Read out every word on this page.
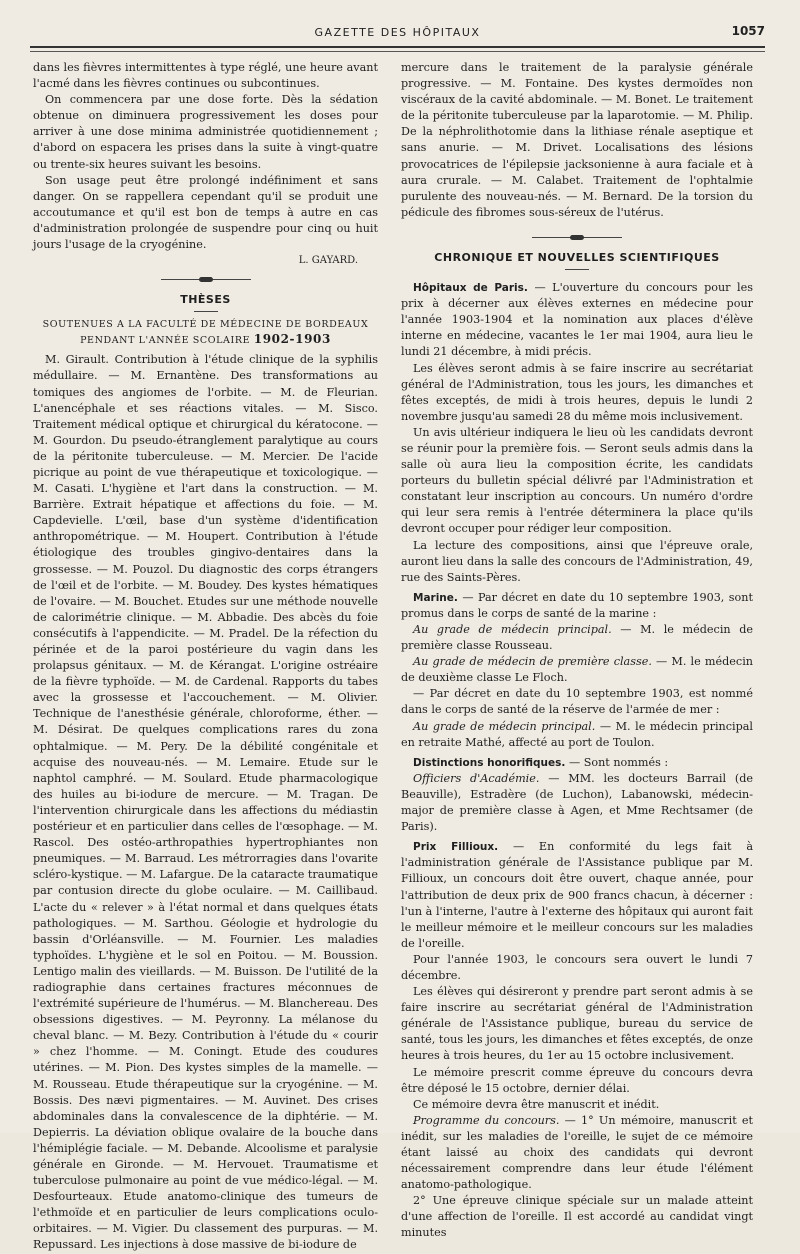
GAZETTE DES HÔPITAUX	1057

dans les fièvres intermittentes à type réglé, une heure avant l'acmé dans les fièvres continues ou subcontinues.

On commencera par une dose forte. Dès la sédation obtenue on diminuera progressivement les doses pour arriver à une dose minima administrée quotidiennement ; d'abord on espacera les prises dans la suite à vingt-quatre ou trente-six heures suivant les besoins.

Son usage peut être prolongé indéfiniment et sans danger. On se rappellera cependant qu'il se produit une accoutumance et qu'il est bon de temps à autre en cas d'administration prolongée de suspendre pour cinq ou huit jours l'usage de la cryogénine.

L. GAYARD.
THÈSES
SOUTENUES A LA FACULTÉ DE MÉDECINE DE BORDEAUX
PENDANT L'ANNÉE SCOLAIRE 1902-1903

M. Girault. Contribution à l'étude clinique de la syphilis médullaire. — M. Ernantène. Des transformations au tomiques des angiomes de l'orbite. — M. de Fleurian. L'anencéphale et ses réactions vitales. — M. Sisco. Traitement médical optique et chirurgical du kératocone. — M. Gourdon. Du pseudo-étranglement paralytique au cours de la péritonite tuberculeuse. — M. Mercier. De l'acide picrique au point de vue thérapeutique et toxicologique. — M. Casati. L'hygiène et l'art dans la construction. — M. Barrière. Extrait hépatique et affections du foie. — M. Capdevielle. L'œil, base d'un système d'identification anthropométrique. — M. Houpert. Contribution à l'étude étiologique des troubles gingivo-dentaires dans la grossesse. — M. Pouzol. Du diagnostic des corps étrangers de l'œil et de l'orbite. — M. Boudey. Des kystes hématiques de l'ovaire. — M. Bouchet. Etudes sur une méthode nouvelle de calorimétrie clinique. — M. Abbadie. Des abcès du foie consécutifs à l'appendicite. — M. Pradel. De la réfection du périnée et de la paroi postérieure du vagin dans les prolapsus génitaux. — M. de Kérangat. L'origine ostréaire de la fièvre typhoïde. — M. de Cardenal. Rapports du tabes avec la grossesse et l'accouchement. — M. Olivier. Technique de l'anesthésie générale, chloroforme, éther. — M. Désirat. De quelques complications rares du zona ophtalmique. — M. Pery. De la débilité congénitale et acquise des nouveau-nés. — M. Lemaire. Etude sur le naphtol camphré. — M. Soulard. Etude pharmacologique des huiles au bi-iodure de mercure. — M. Tragan. De l'intervention chirurgicale dans les affections du médiastin postérieur et en particulier dans celles de l'œsophage. — M. Rascol. Des ostéo-arthropathies hypertrophiantes non pneumiques. — M. Barraud. Les métrorragies dans l'ovarite scléro-kystique. — M. Lafargue. De la cataracte traumatique par contusion directe du globe oculaire. — M. Caillibaud. L'acte du « relever » à l'état normal et dans quelques états pathologiques. — M. Sarthou. Géologie et hydrologie du bassin d'Orléansville. — M. Fournier. Les maladies typhoïdes. L'hygiène et le sol en Poitou. — M. Boussion. Lentigo malin des vieillards. — M. Buisson. De l'utilité de la radiographie dans certaines fractures méconnues de l'extrémité supérieure de l'humérus. — M. Blanchereau. Des obsessions digestives. — M. Peyronny. La mélanose du cheval blanc. — M. Bezy. Contribution à l'étude du « courir » chez l'homme. — M. Coningt. Etude des coudures utérines. — M. Pion. Des kystes simples de la mamelle. — M. Rousseau. Etude thérapeutique sur la cryogénine. — M. Bossis. Des nævi pigmentaires. — M. Auvinet. Des crises abdominales dans la convalescence de la diphtérie. — M. Depierris. La déviation oblique ovalaire de la bouche dans l'hémiplégie faciale. — M. Debande. Alcoolisme et paralysie générale en Gironde. — M. Hervouet. Traumatisme et tuberculose pulmonaire au point de vue médico-légal. — M. Desfourteaux. Etude anatomo-clinique des tumeurs de l'ethmoïde et en particulier de leurs complications oculo-orbitaires. — M. Vigier. Du classement des purpuras. — M. Repussard. Les injections à dose massive de bi-iodure de

mercure dans le traitement de la paralysie générale progressive. — M. Fontaine. Des kystes dermoïdes non viscéraux de la cavité abdominale. — M. Bonet. Le traitement de la péritonite tuberculeuse par la laparotomie. — M. Philip. De la néphrolithotomie dans la lithiase rénale aseptique et sans anurie. — M. Drivet. Localisations des lésions provocatrices de l'épilepsie jacksonienne à aura faciale et à aura crurale. — M. Calabet. Traitement de l'ophtalmie purulente des nouveau-nés. — M. Bernard. De la torsion du pédicule des fibromes sous-séreux de l'utérus.

CHRONIQUE ET NOUVELLES SCIENTIFIQUES

Hôpitaux de Paris. — L'ouverture du concours pour les prix à décerner aux élèves externes en médecine pour l'année 1903-1904 et la nomination aux places d'élève interne en médecine, vacantes le 1er mai 1904, aura lieu le lundi 21 décembre, à midi précis.

Les élèves seront admis à se faire inscrire au secrétariat général de l'Administration, tous les jours, les dimanches et fêtes exceptés, de midi à trois heures, depuis le lundi 2 novembre jusqu'au samedi 28 du même mois inclusivement.

Un avis ultérieur indiquera le lieu où les candidats devront se réunir pour la première fois. — Seront seuls admis dans la salle où aura lieu la composition écrite, les candidats porteurs du bulletin spécial délivré par l'Administration et constatant leur inscription au concours. Un numéro d'ordre qui leur sera remis à l'entrée déterminera la place qu'ils devront occuper pour rédiger leur composition.

La lecture des compositions, ainsi que l'épreuve orale, auront lieu dans la salle des concours de l'Administration, 49, rue des Saints-Pères.

Marine. — Par décret en date du 10 septembre 1903, sont promus dans le corps de santé de la marine :

Au grade de médecin principal. — M. le médecin de première classe Rousseau.

Au grade de médecin de première classe. — M. le médecin de deuxième classe Le Floch.

— Par décret en date du 10 septembre 1903, est nommé dans le corps de santé de la réserve de l'armée de mer :

Au grade de médecin principal. — M. le médecin principal en retraite Mathé, affecté au port de Toulon.

Distinctions honorifiques. — Sont nommés :

Officiers d'Académie. — MM. les docteurs Barrail (de Beauville), Estradère (de Luchon), Labanowski, médecin-major de première classe à Agen, et Mme Rechtsamer (de Paris).

Prix Fillioux. — En conformité du legs fait à l'administration générale de l'Assistance publique par M. Fillioux, un concours doit être ouvert, chaque année, pour l'attribution de deux prix de 900 francs chacun, à décerner : l'un à l'interne, l'autre à l'externe des hôpitaux qui auront fait le meilleur mémoire et le meilleur concours sur les maladies de l'oreille.

Pour l'année 1903, le concours sera ouvert le lundi 7 décembre.

Les élèves qui désireront y prendre part seront admis à se faire inscrire au secrétariat général de l'Administration générale de l'Assistance publique, bureau du service de santé, tous les jours, les dimanches et fêtes exceptés, de onze heures à trois heures, du 1er au 15 octobre inclusivement.

Le mémoire prescrit comme épreuve du concours devra être déposé le 15 octobre, dernier délai.

Ce mémoire devra être manuscrit et inédit.

Programme du concours. — 1° Un mémoire, manuscrit et inédit, sur les maladies de l'oreille, le sujet de ce mémoire étant laissé au choix des candidats qui devront nécessairement comprendre dans leur étude l'élément anatomo-pathologique.

2° Une épreuve clinique spéciale sur un malade atteint d'une affection de l'oreille. Il est accordé au candidat vingt minutes
